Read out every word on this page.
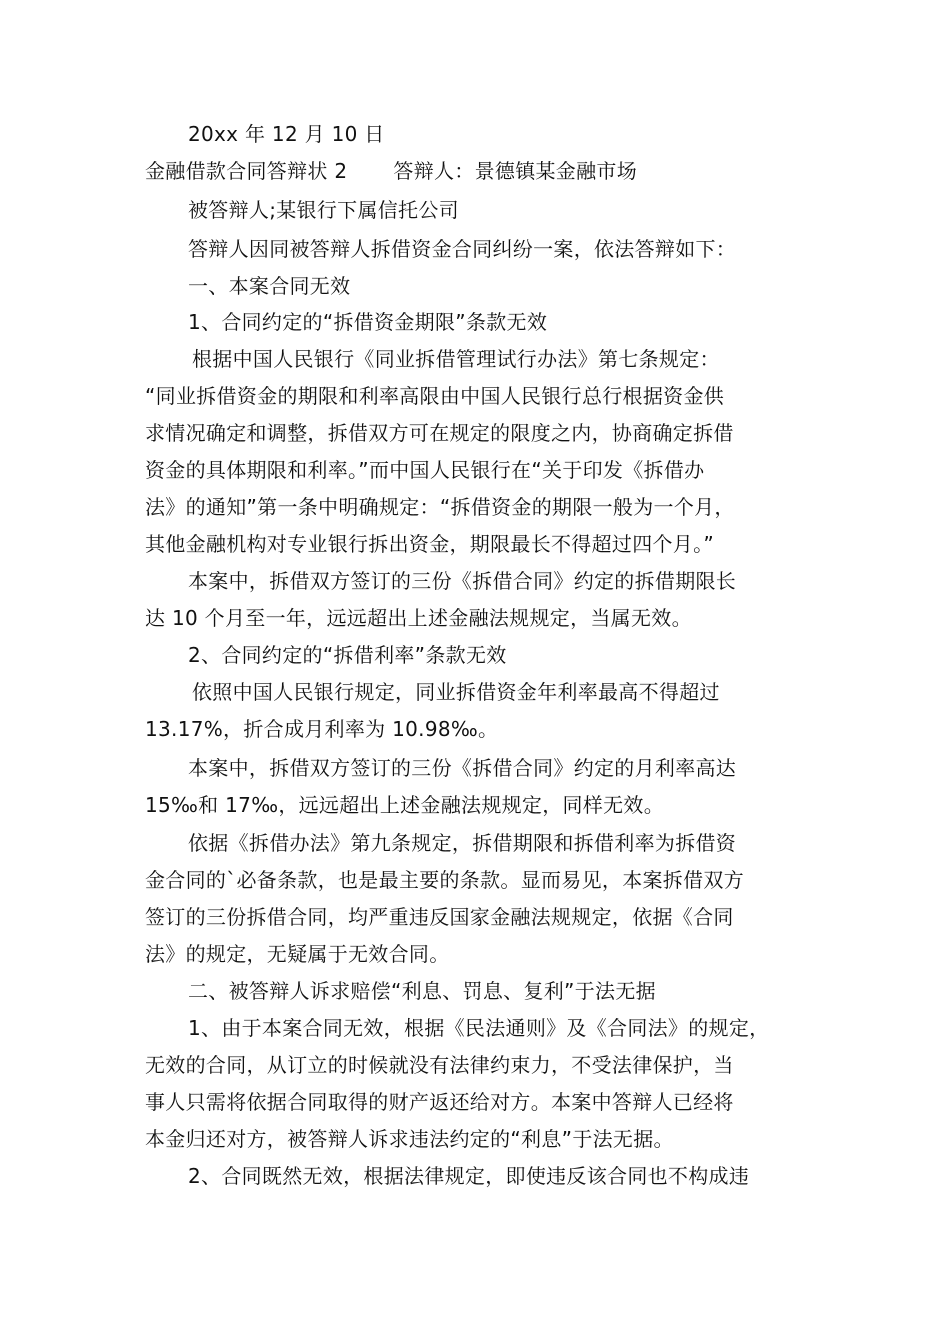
20xx 年 12 月 10 日
金融借款合同答辩状 2 答辩人：景德镇某金融市场
被答辩人;某银行下属信托公司
答辩人因同被答辩人拆借资金合同纠纷一案，依法答辩如下：
一、本案合同无效
1、合同约定的“拆借资金期限”条款无效
根据中国人民银行《同业拆借管理试行办法》第七条规定：
“同业拆借资金的期限和利率高限由中国人民银行总行根据资金供
求情况确定和调整，拆借双方可在规定的限度之内，协商确定拆借
资金的具体期限和利率。”而中国人民银行在“关于印发《拆借办
法》的通知”第一条中明确规定：“拆借资金的期限一般为一个月，
其他金融机构对专业银行拆出资金，期限最长不得超过四个月。”
本案中，拆借双方签订的三份《拆借合同》约定的拆借期限长
达 10 个月至一年，远远超出上述金融法规规定，当属无效。
2、合同约定的“拆借利率”条款无效
依照中国人民银行规定，同业拆借资金年利率最高不得超过
13.17%，折合成月利率为 10.98‰。
本案中，拆借双方签订的三份《拆借合同》约定的月利率高达
15‰和 17‰，远远超出上述金融法规规定，同样无效。
依据《拆借办法》第九条规定，拆借期限和拆借利率为拆借资
金合同的`必备条款，也是最主要的条款。显而易见，本案拆借双方
签订的三份拆借合同，均严重违反国家金融法规规定，依据《合同
法》的规定，无疑属于无效合同。
二、被答辩人诉求赔偿“利息、罚息、复利”于法无据
1、由于本案合同无效，根据《民法通则》及《合同法》的规定，
无效的合同，从订立的时候就没有法律约束力，不受法律保护，当
事人只需将依据合同取得的财产返还给对方。本案中答辩人已经将
本金归还对方，被答辩人诉求违法约定的“利息”于法无据。
2、合同既然无效，根据法律规定，即使违反该合同也不构成违
